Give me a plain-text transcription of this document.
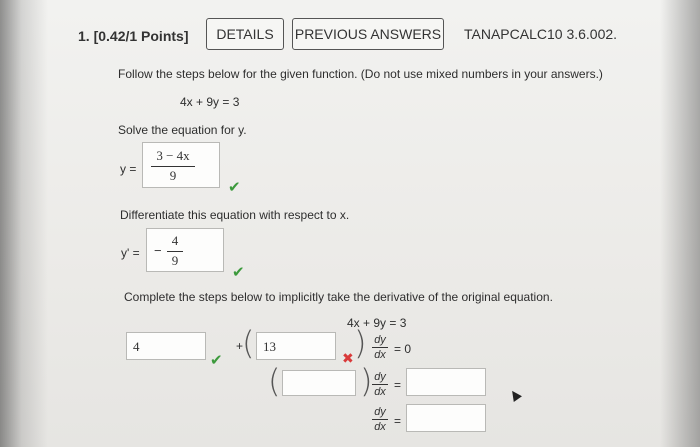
1. [0.42/1 Points]	DETAILS	PREVIOUS ANSWERS TANAPCALC10 3.6.002.
Follow the steps below for the given function. (Do not use mixed numbers in your answers.)
4x + 9y = 3
Solve the equation for y.
y =
3 − 4x
9
✔
Differentiate this equation with respect to x.
y' = −
4
9
✔
Complete the steps below to implicitly take the derivative of the original equation.
4x + 9y = 3
4
✔
+
( 13
✖ ) dy
dx = 0
( ) dy
dx =
dy
dx =
